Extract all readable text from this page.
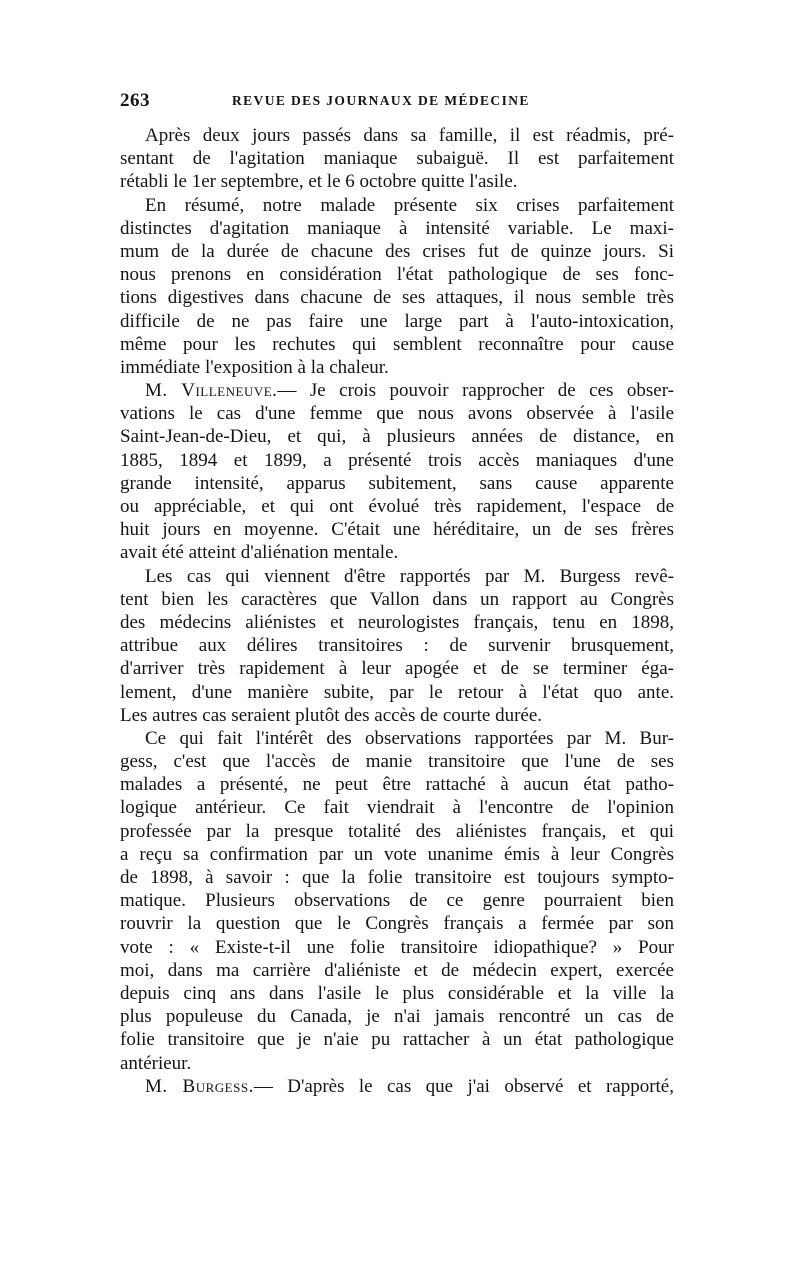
263	REVUE DES JOURNAUX DE MÉDECINE
Après deux jours passés dans sa famille, il est réadmis, pré-
sentant de l'agitation maniaque subaiguë. Il est parfaitement
rétabli le 1er septembre, et le 6 octobre quitte l'asile.
En résumé, notre malade présente six crises parfaitement
distinctes d'agitation maniaque à intensité variable. Le maxi-
mum de la durée de chacune des crises fut de quinze jours. Si
nous prenons en considération l'état pathologique de ses fonc-
tions digestives dans chacune de ses attaques, il nous semble très
difficile de ne pas faire une large part à l'auto-intoxication,
même pour les rechutes qui semblent reconnaître pour cause
immédiate l'exposition à la chaleur.
M. Villeneuve.— Je crois pouvoir rapprocher de ces obser-
vations le cas d'une femme que nous avons observée à l'asile
Saint-Jean-de-Dieu, et qui, à plusieurs années de distance, en
1885, 1894 et 1899, a présenté trois accès maniaques d'une
grande intensité, apparus subitement, sans cause apparente
ou appréciable, et qui ont évolué très rapidement, l'espace de
huit jours en moyenne. C'était une héréditaire, un de ses frères
avait été atteint d'aliénation mentale.
Les cas qui viennent d'être rapportés par M. Burgess revê-
tent bien les caractères que Vallon dans un rapport au Congrès
des médecins aliénistes et neurologistes français, tenu en 1898,
attribue aux délires transitoires : de survenir brusquement,
d'arriver très rapidement à leur apogée et de se terminer éga-
lement, d'une manière subite, par le retour à l'état quo ante.
Les autres cas seraient plutôt des accès de courte durée.
Ce qui fait l'intérêt des observations rapportées par M. Bur-
gess, c'est que l'accès de manie transitoire que l'une de ses
malades a présenté, ne peut être rattaché à aucun état patho-
logique antérieur. Ce fait viendrait à l'encontre de l'opinion
professée par la presque totalité des aliénistes français, et qui
a reçu sa confirmation par un vote unanime émis à leur Congrès
de 1898, à savoir : que la folie transitoire est toujours sympto-
matique. Plusieurs observations de ce genre pourraient bien
rouvrir la question que le Congrès français a fermée par son
vote : « Existe-t-il une folie transitoire idiopathique? » Pour
moi, dans ma carrière d'aliéniste et de médecin expert, exercée
depuis cinq ans dans l'asile le plus considérable et la ville la
plus populeuse du Canada, je n'ai jamais rencontré un cas de
folie transitoire que je n'aie pu rattacher à un état pathologique
antérieur.
M. Burgess.— D'après le cas que j'ai observé et rapporté,
